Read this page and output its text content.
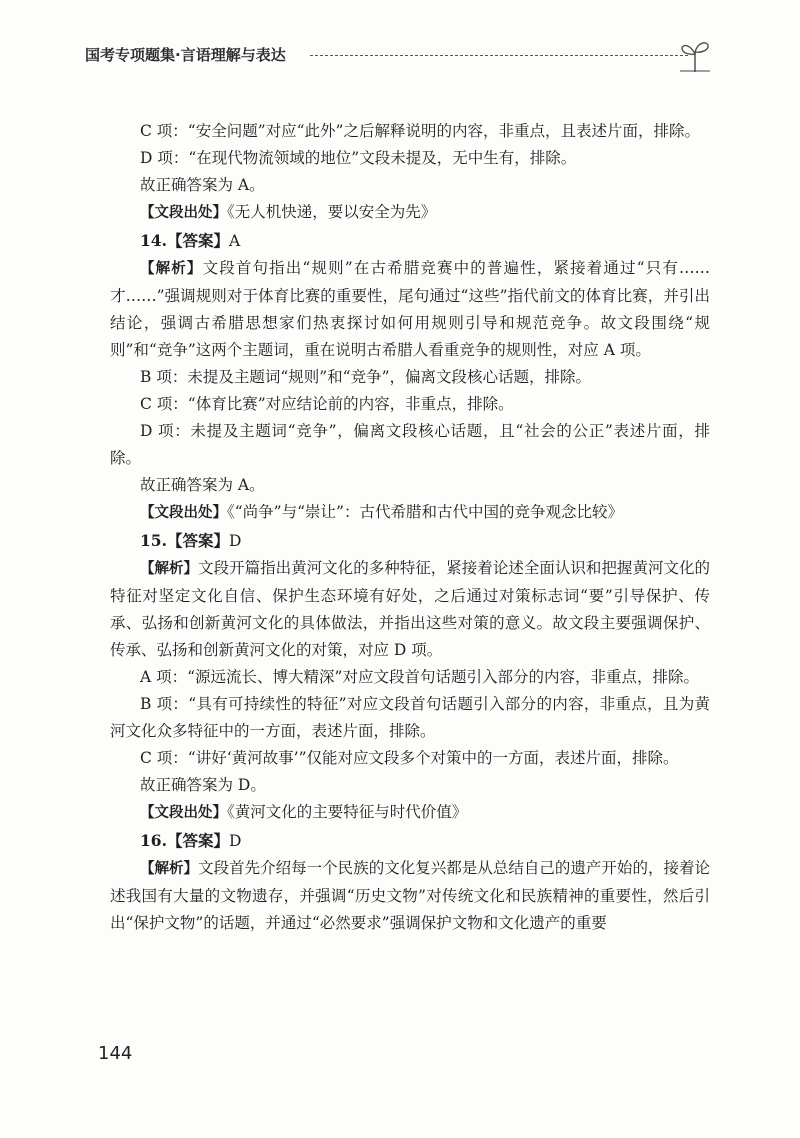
国考专项题集·言语理解与表达

C 项：“安全问题”对应“此外”之后解释说明的内容，非重点，且表述片面，排除。

D 项：“在现代物流领域的地位”文段未提及，无中生有，排除。

故正确答案为 A。

【文段出处】《无人机快递，要以安全为先》

14.【答案】A

【解析】文段首句指出“规则”在古希腊竞赛中的普遍性，紧接着通过“只有……才……”强调规则对于体育比赛的重要性，尾句通过“这些”指代前文的体育比赛，并引出结论，强调古希腊思想家们热衷探讨如何用规则引导和规范竞争。故文段围绕“规则”和“竞争”这两个主题词，重在说明古希腊人看重竞争的规则性，对应 A 项。

B 项：未提及主题词“规则”和“竞争”，偏离文段核心话题，排除。

C 项：“体育比赛”对应结论前的内容，非重点，排除。

D 项：未提及主题词“竞争”，偏离文段核心话题，且“社会的公正”表述片面，排除。

故正确答案为 A。

【文段出处】《“尚争”与“崇让”：古代希腊和古代中国的竞争观念比较》

15.【答案】D

【解析】文段开篇指出黄河文化的多种特征，紧接着论述全面认识和把握黄河文化的特征对坚定文化自信、保护生态环境有好处，之后通过对策标志词“要”引导保护、传承、弘扬和创新黄河文化的具体做法，并指出这些对策的意义。故文段主要强调保护、传承、弘扬和创新黄河文化的对策，对应 D 项。

A 项：“源远流长、博大精深”对应文段首句话题引入部分的内容，非重点，排除。

B 项：“具有可持续性的特征”对应文段首句话题引入部分的内容，非重点，且为黄河文化众多特征中的一方面，表述片面，排除。

C 项：“讲好‘黄河故事’”仅能对应文段多个对策中的一方面，表述片面，排除。

故正确答案为 D。

【文段出处】《黄河文化的主要特征与时代价值》

16.【答案】D

【解析】文段首先介绍每一个民族的文化复兴都是从总结自己的遗产开始的，接着论述我国有大量的文物遗存，并强调“历史文物”对传统文化和民族精神的重要性，然后引出“保护文物”的话题，并通过“必然要求”强调保护文物和文化遗产的重要

144
